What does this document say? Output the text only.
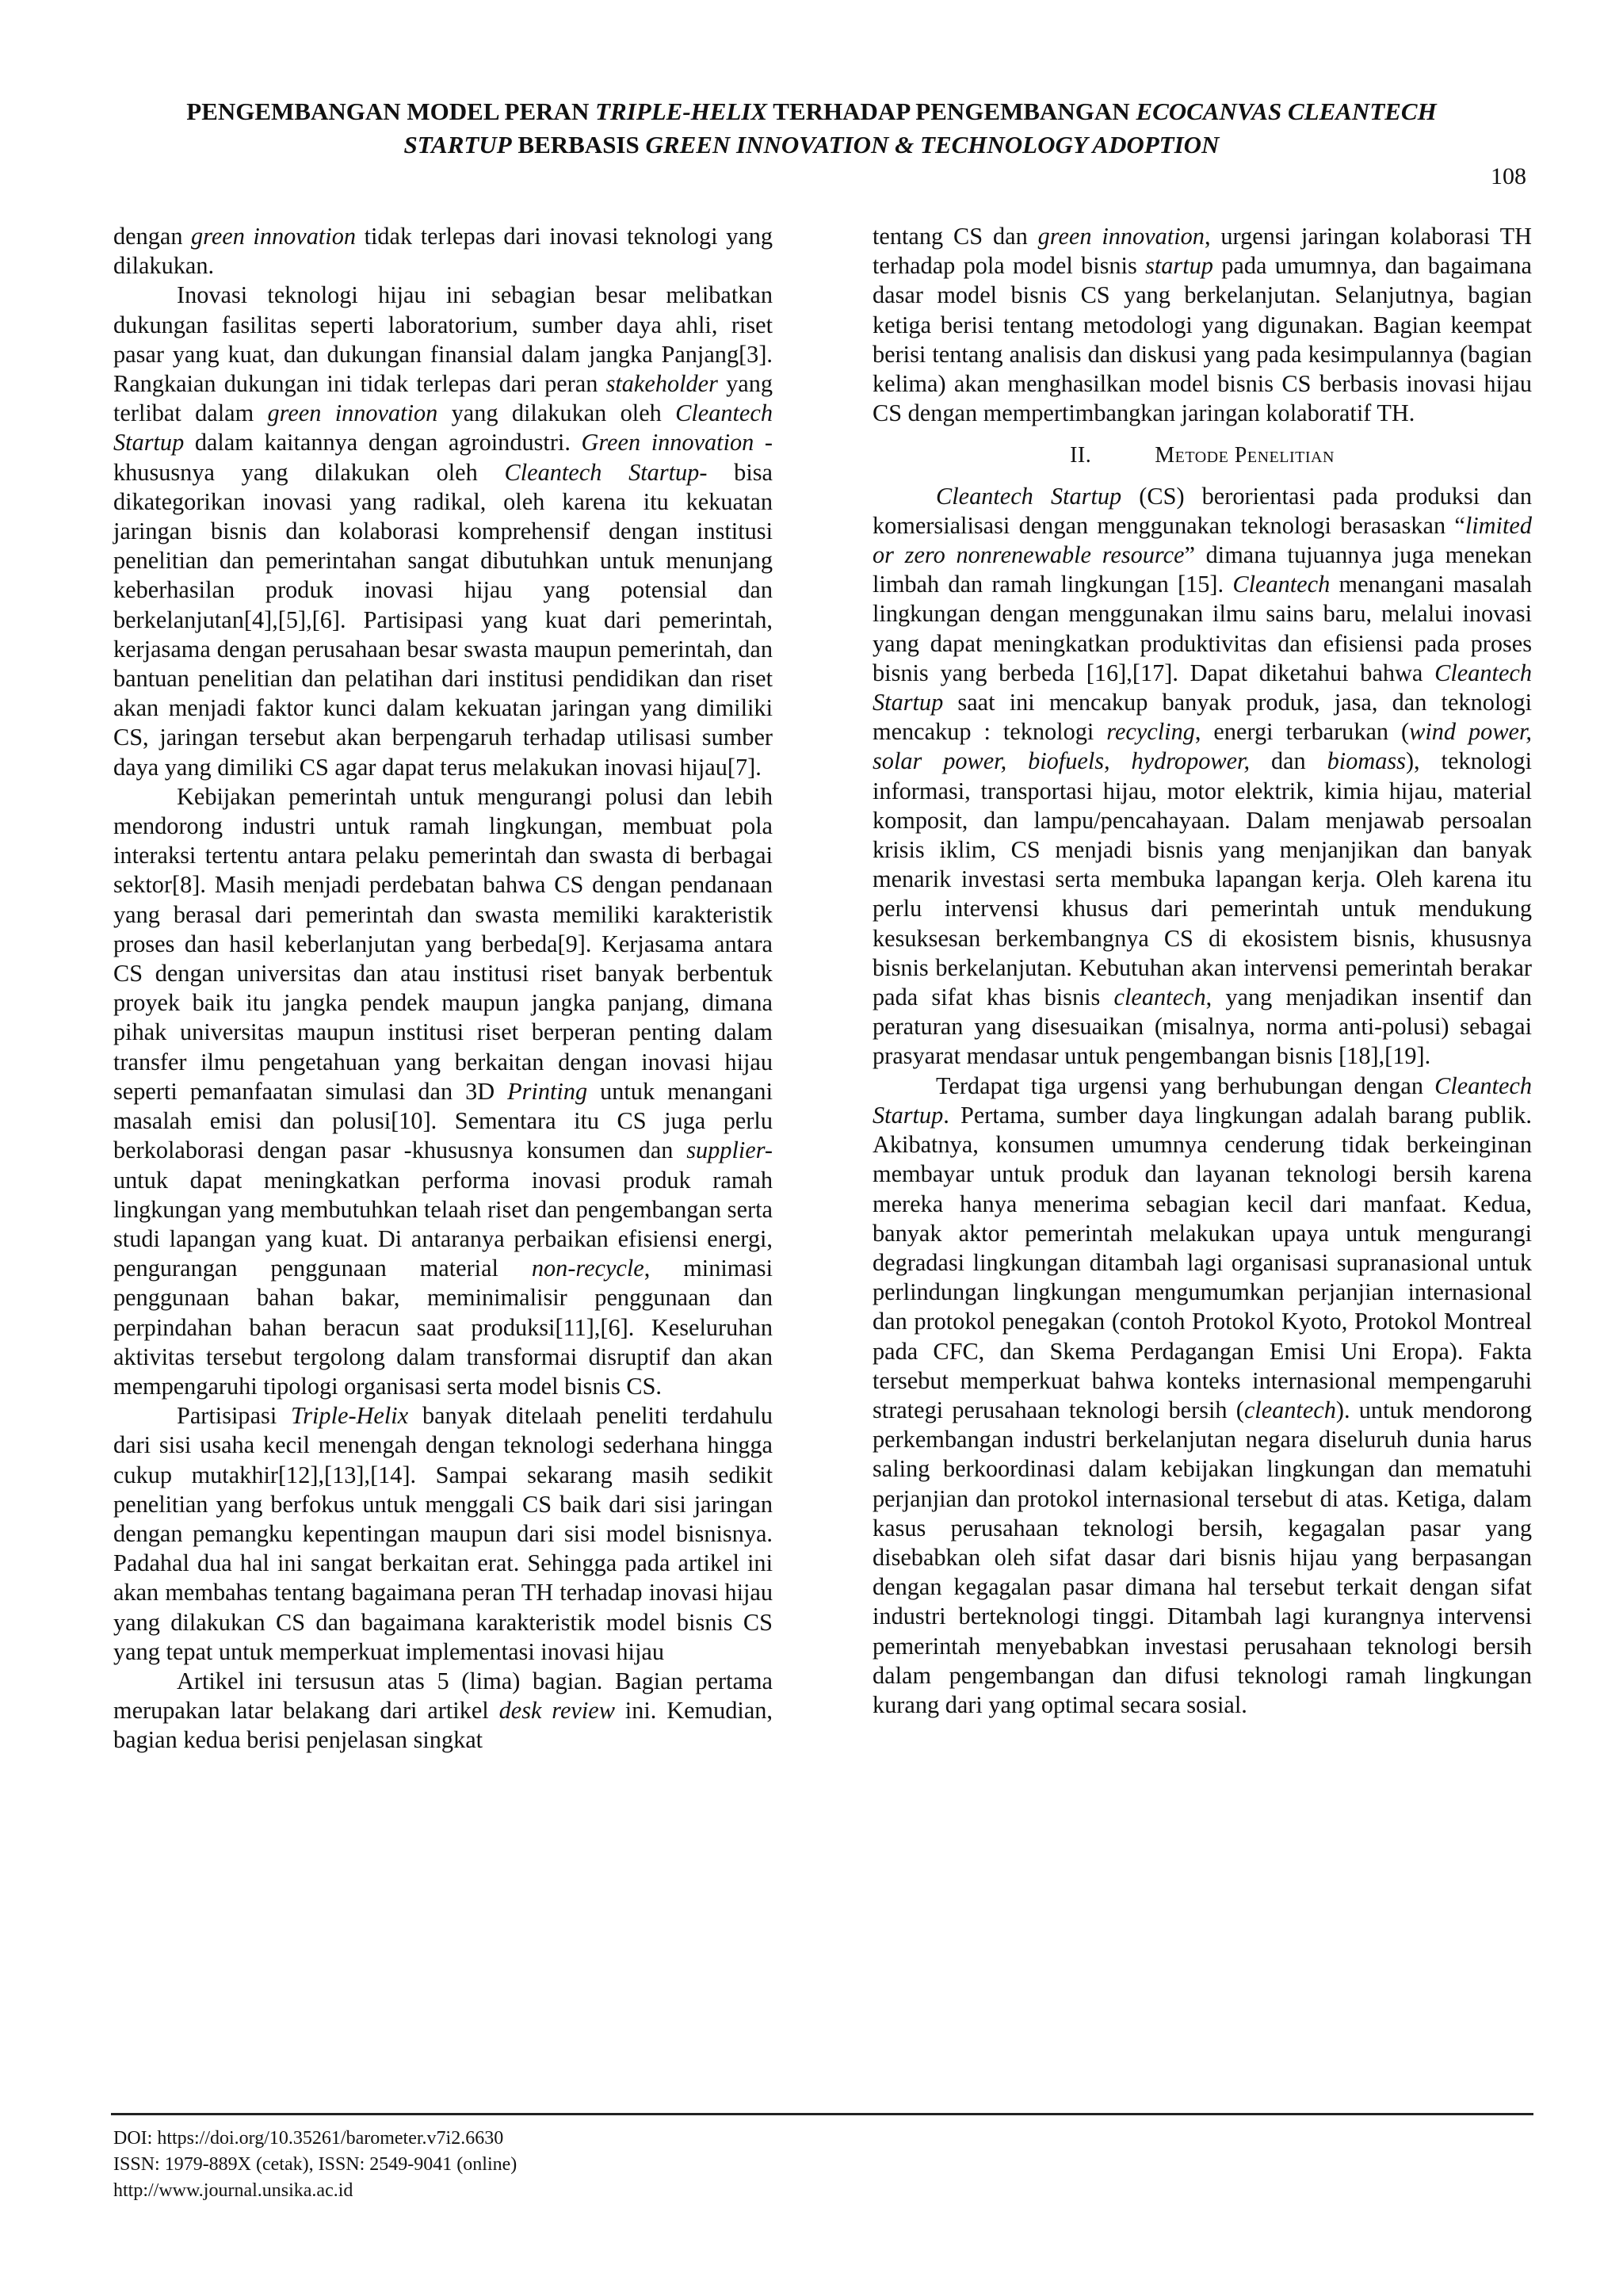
PENGEMBANGAN MODEL PERAN TRIPLE-HELIX TERHADAP PENGEMBANGAN ECOCANVAS CLEANTECH
STARTUP BERBASIS GREEN INNOVATION & TECHNOLOGY ADOPTION
108

dengan green innovation tidak terlepas dari inovasi teknologi yang dilakukan.

Inovasi teknologi hijau ini sebagian besar melibatkan dukungan fasilitas seperti laboratorium, sumber daya ahli, riset pasar yang kuat, dan dukungan finansial dalam jangka Panjang[3]. Rangkaian dukungan ini tidak terlepas dari peran stakeholder yang terlibat dalam green innovation yang dilakukan oleh Cleantech Startup dalam kaitannya dengan agroindustri. Green innovation -khususnya yang dilakukan oleh Cleantech Startup- bisa dikategorikan inovasi yang radikal, oleh karena itu kekuatan jaringan bisnis dan kolaborasi komprehensif dengan institusi penelitian dan pemerintahan sangat dibutuhkan untuk menunjang keberhasilan produk inovasi hijau yang potensial dan berkelanjutan[4],[5],[6]. Partisipasi yang kuat dari pemerintah, kerjasama dengan perusahaan besar swasta maupun pemerintah, dan bantuan penelitian dan pelatihan dari institusi pendidikan dan riset akan menjadi faktor kunci dalam kekuatan jaringan yang dimiliki CS, jaringan tersebut akan berpengaruh terhadap utilisasi sumber daya yang dimiliki CS agar dapat terus melakukan inovasi hijau[7].

Kebijakan pemerintah untuk mengurangi polusi dan lebih mendorong industri untuk ramah lingkungan, membuat pola interaksi tertentu antara pelaku pemerintah dan swasta di berbagai sektor[8]. Masih menjadi perdebatan bahwa CS dengan pendanaan yang berasal dari pemerintah dan swasta memiliki karakteristik proses dan hasil keberlanjutan yang berbeda[9]. Kerjasama antara CS dengan universitas dan atau institusi riset banyak berbentuk proyek baik itu jangka pendek maupun jangka panjang, dimana pihak universitas maupun institusi riset berperan penting dalam transfer ilmu pengetahuan yang berkaitan dengan inovasi hijau seperti pemanfaatan simulasi dan 3D Printing untuk menangani masalah emisi dan polusi[10]. Sementara itu CS juga perlu berkolaborasi dengan pasar -khususnya konsumen dan supplier- untuk dapat meningkatkan performa inovasi produk ramah lingkungan yang membutuhkan telaah riset dan pengembangan serta studi lapangan yang kuat. Di antaranya perbaikan efisiensi energi, pengurangan penggunaan material non-recycle, minimasi penggunaan bahan bakar, meminimalisir penggunaan dan perpindahan bahan beracun saat produksi[11],[6]. Keseluruhan aktivitas tersebut tergolong dalam transformai disruptif dan akan mempengaruhi tipologi organisasi serta model bisnis CS.

Partisipasi Triple-Helix banyak ditelaah peneliti terdahulu dari sisi usaha kecil menengah dengan teknologi sederhana hingga cukup mutakhir[12],[13],[14]. Sampai sekarang masih sedikit penelitian yang berfokus untuk menggali CS baik dari sisi jaringan dengan pemangku kepentingan maupun dari sisi model bisnisnya. Padahal dua hal ini sangat berkaitan erat. Sehingga pada artikel ini akan membahas tentang bagaimana peran TH terhadap inovasi hijau yang dilakukan CS dan bagaimana karakteristik model bisnis CS yang tepat untuk memperkuat implementasi inovasi hijau

Artikel ini tersusun atas 5 (lima) bagian. Bagian pertama merupakan latar belakang dari artikel desk review ini. Kemudian, bagian kedua berisi penjelasan singkat

tentang CS dan green innovation, urgensi jaringan kolaborasi TH terhadap pola model bisnis startup pada umumnya, dan bagaimana dasar model bisnis CS yang berkelanjutan. Selanjutnya, bagian ketiga berisi tentang metodologi yang digunakan. Bagian keempat berisi tentang analisis dan diskusi yang pada kesimpulannya (bagian kelima) akan menghasilkan model bisnis CS berbasis inovasi hijau CS dengan mempertimbangkan jaringan kolaboratif TH.

II.	Metode Penelitian

Cleantech Startup (CS) berorientasi pada produksi dan komersialisasi dengan menggunakan teknologi berasaskan “limited or zero nonrenewable resource” dimana tujuannya juga menekan limbah dan ramah lingkungan [15]. Cleantech menangani masalah lingkungan dengan menggunakan ilmu sains baru, melalui inovasi yang dapat meningkatkan produktivitas dan efisiensi pada proses bisnis yang berbeda [16],[17]. Dapat diketahui bahwa Cleantech Startup saat ini mencakup banyak produk, jasa, dan teknologi mencakup : teknologi recycling, energi terbarukan (wind power, solar power, biofuels, hydropower, dan biomass), teknologi informasi, transportasi hijau, motor elektrik, kimia hijau, material komposit, dan lampu/pencahayaan. Dalam menjawab persoalan krisis iklim, CS menjadi bisnis yang menjanjikan dan banyak menarik investasi serta membuka lapangan kerja. Oleh karena itu perlu intervensi khusus dari pemerintah untuk mendukung kesuksesan berkembangnya CS di ekosistem bisnis, khususnya bisnis berkelanjutan. Kebutuhan akan intervensi pemerintah berakar pada sifat khas bisnis cleantech, yang menjadikan insentif dan peraturan yang disesuaikan (misalnya, norma anti-polusi) sebagai prasyarat mendasar untuk pengembangan bisnis [18],[19].

Terdapat tiga urgensi yang berhubungan dengan Cleantech Startup. Pertama, sumber daya lingkungan adalah barang publik. Akibatnya, konsumen umumnya cenderung tidak berkeinginan membayar untuk produk dan layanan teknologi bersih karena mereka hanya menerima sebagian kecil dari manfaat. Kedua, banyak aktor pemerintah melakukan upaya untuk mengurangi degradasi lingkungan ditambah lagi organisasi supranasional untuk perlindungan lingkungan mengumumkan perjanjian internasional dan protokol penegakan (contoh Protokol Kyoto, Protokol Montreal pada CFC, dan Skema Perdagangan Emisi Uni Eropa). Fakta tersebut memperkuat bahwa konteks internasional mempengaruhi strategi perusahaan teknologi bersih (cleantech). untuk mendorong perkembangan industri berkelanjutan negara diseluruh dunia harus saling berkoordinasi dalam kebijakan lingkungan dan mematuhi perjanjian dan protokol internasional tersebut di atas. Ketiga, dalam kasus perusahaan teknologi bersih, kegagalan pasar yang disebabkan oleh sifat dasar dari bisnis hijau yang berpasangan dengan kegagalan pasar dimana hal tersebut terkait dengan sifat industri berteknologi tinggi. Ditambah lagi kurangnya intervensi pemerintah menyebabkan investasi perusahaan teknologi bersih dalam pengembangan dan difusi teknologi ramah lingkungan kurang dari yang optimal secara sosial.

DOI: https://doi.org/10.35261/barometer.v7i2.6630
ISSN: 1979-889X (cetak), ISSN: 2549-9041 (online)
http://www.journal.unsika.ac.id
